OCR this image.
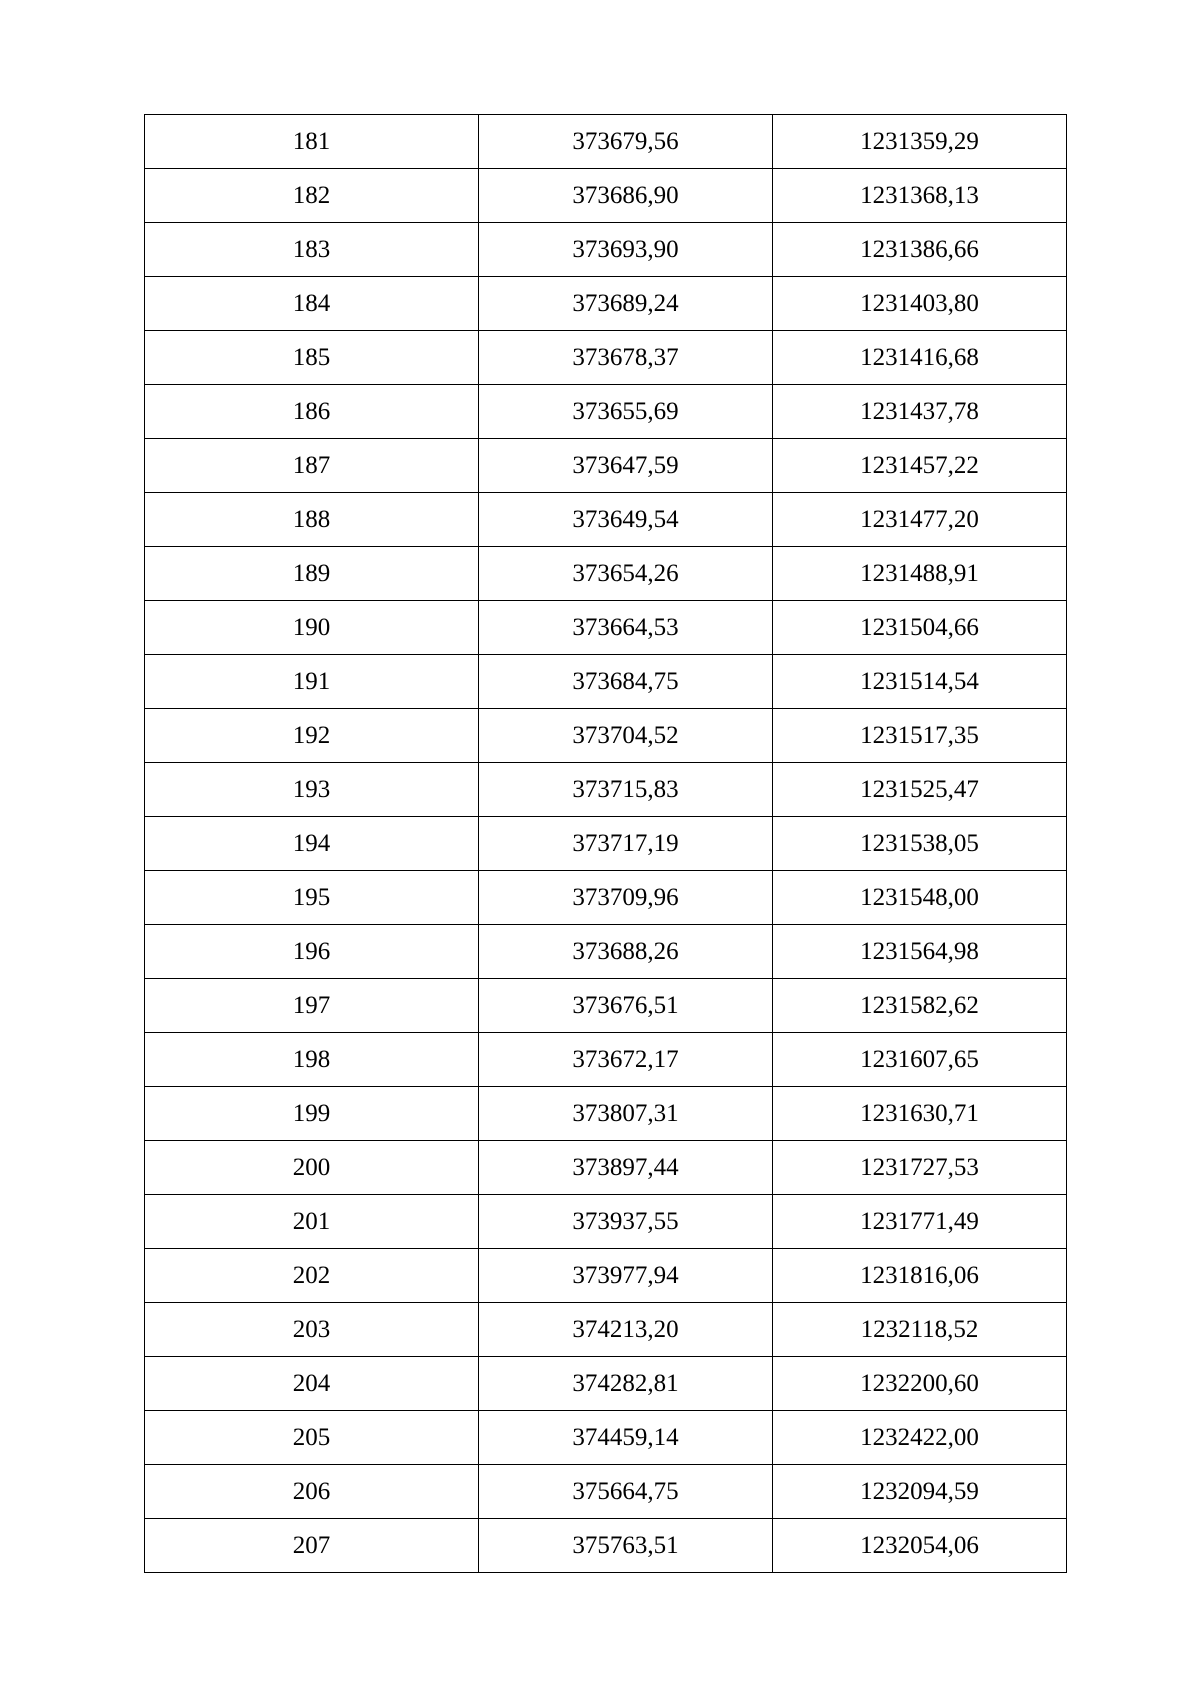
181	373679,56	1231359,29
182	373686,90	1231368,13
183	373693,90	1231386,66
184	373689,24	1231403,80
185	373678,37	1231416,68
186	373655,69	1231437,78
187	373647,59	1231457,22
188	373649,54	1231477,20
189	373654,26	1231488,91
190	373664,53	1231504,66
191	373684,75	1231514,54
192	373704,52	1231517,35
193	373715,83	1231525,47
194	373717,19	1231538,05
195	373709,96	1231548,00
196	373688,26	1231564,98
197	373676,51	1231582,62
198	373672,17	1231607,65
199	373807,31	1231630,71
200	373897,44	1231727,53
201	373937,55	1231771,49
202	373977,94	1231816,06
203	374213,20	1232118,52
204	374282,81	1232200,60
205	374459,14	1232422,00
206	375664,75	1232094,59
207	375763,51	1232054,06
